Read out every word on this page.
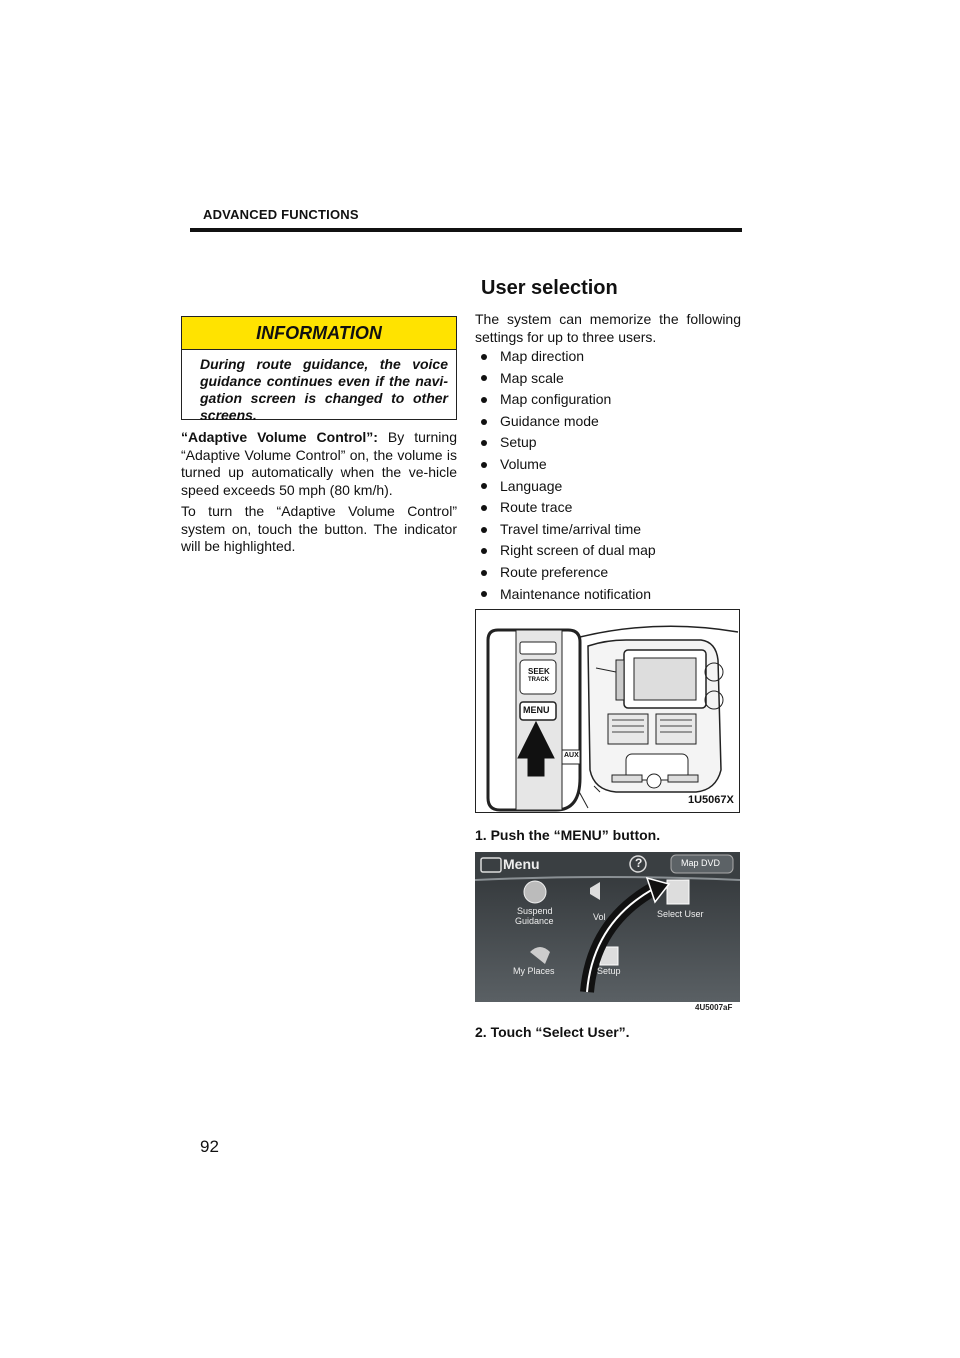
ADVANCED FUNCTIONS
User selection
INFORMATION
During route guidance, the voice guidance continues even if the navi-gation screen is changed to other screens.
“Adaptive Volume Control”: By turning “Adaptive Volume Control” on, the volume is turned up automatically when the ve-hicle speed exceeds 50 mph (80 km/h).
To turn the “Adaptive Volume Control” system on, touch the button. The indicator will be highlighted.
The system can memorize the following settings for up to three users.
Map direction
Map scale
Map configuration
Guidance mode
Setup
Volume
Language
Route trace
Travel time/arrival time
Right screen of dual map
Route preference
Maintenance notification
SEEK
TRACK
MENU
AUX
1U5067X
1. Push the “MENU” button.
Menu	?	Map DVD
Suspend
Guidance	Vol	Select User
My Places	Setup
4U5007aF
2. Touch “Select User”.
92
